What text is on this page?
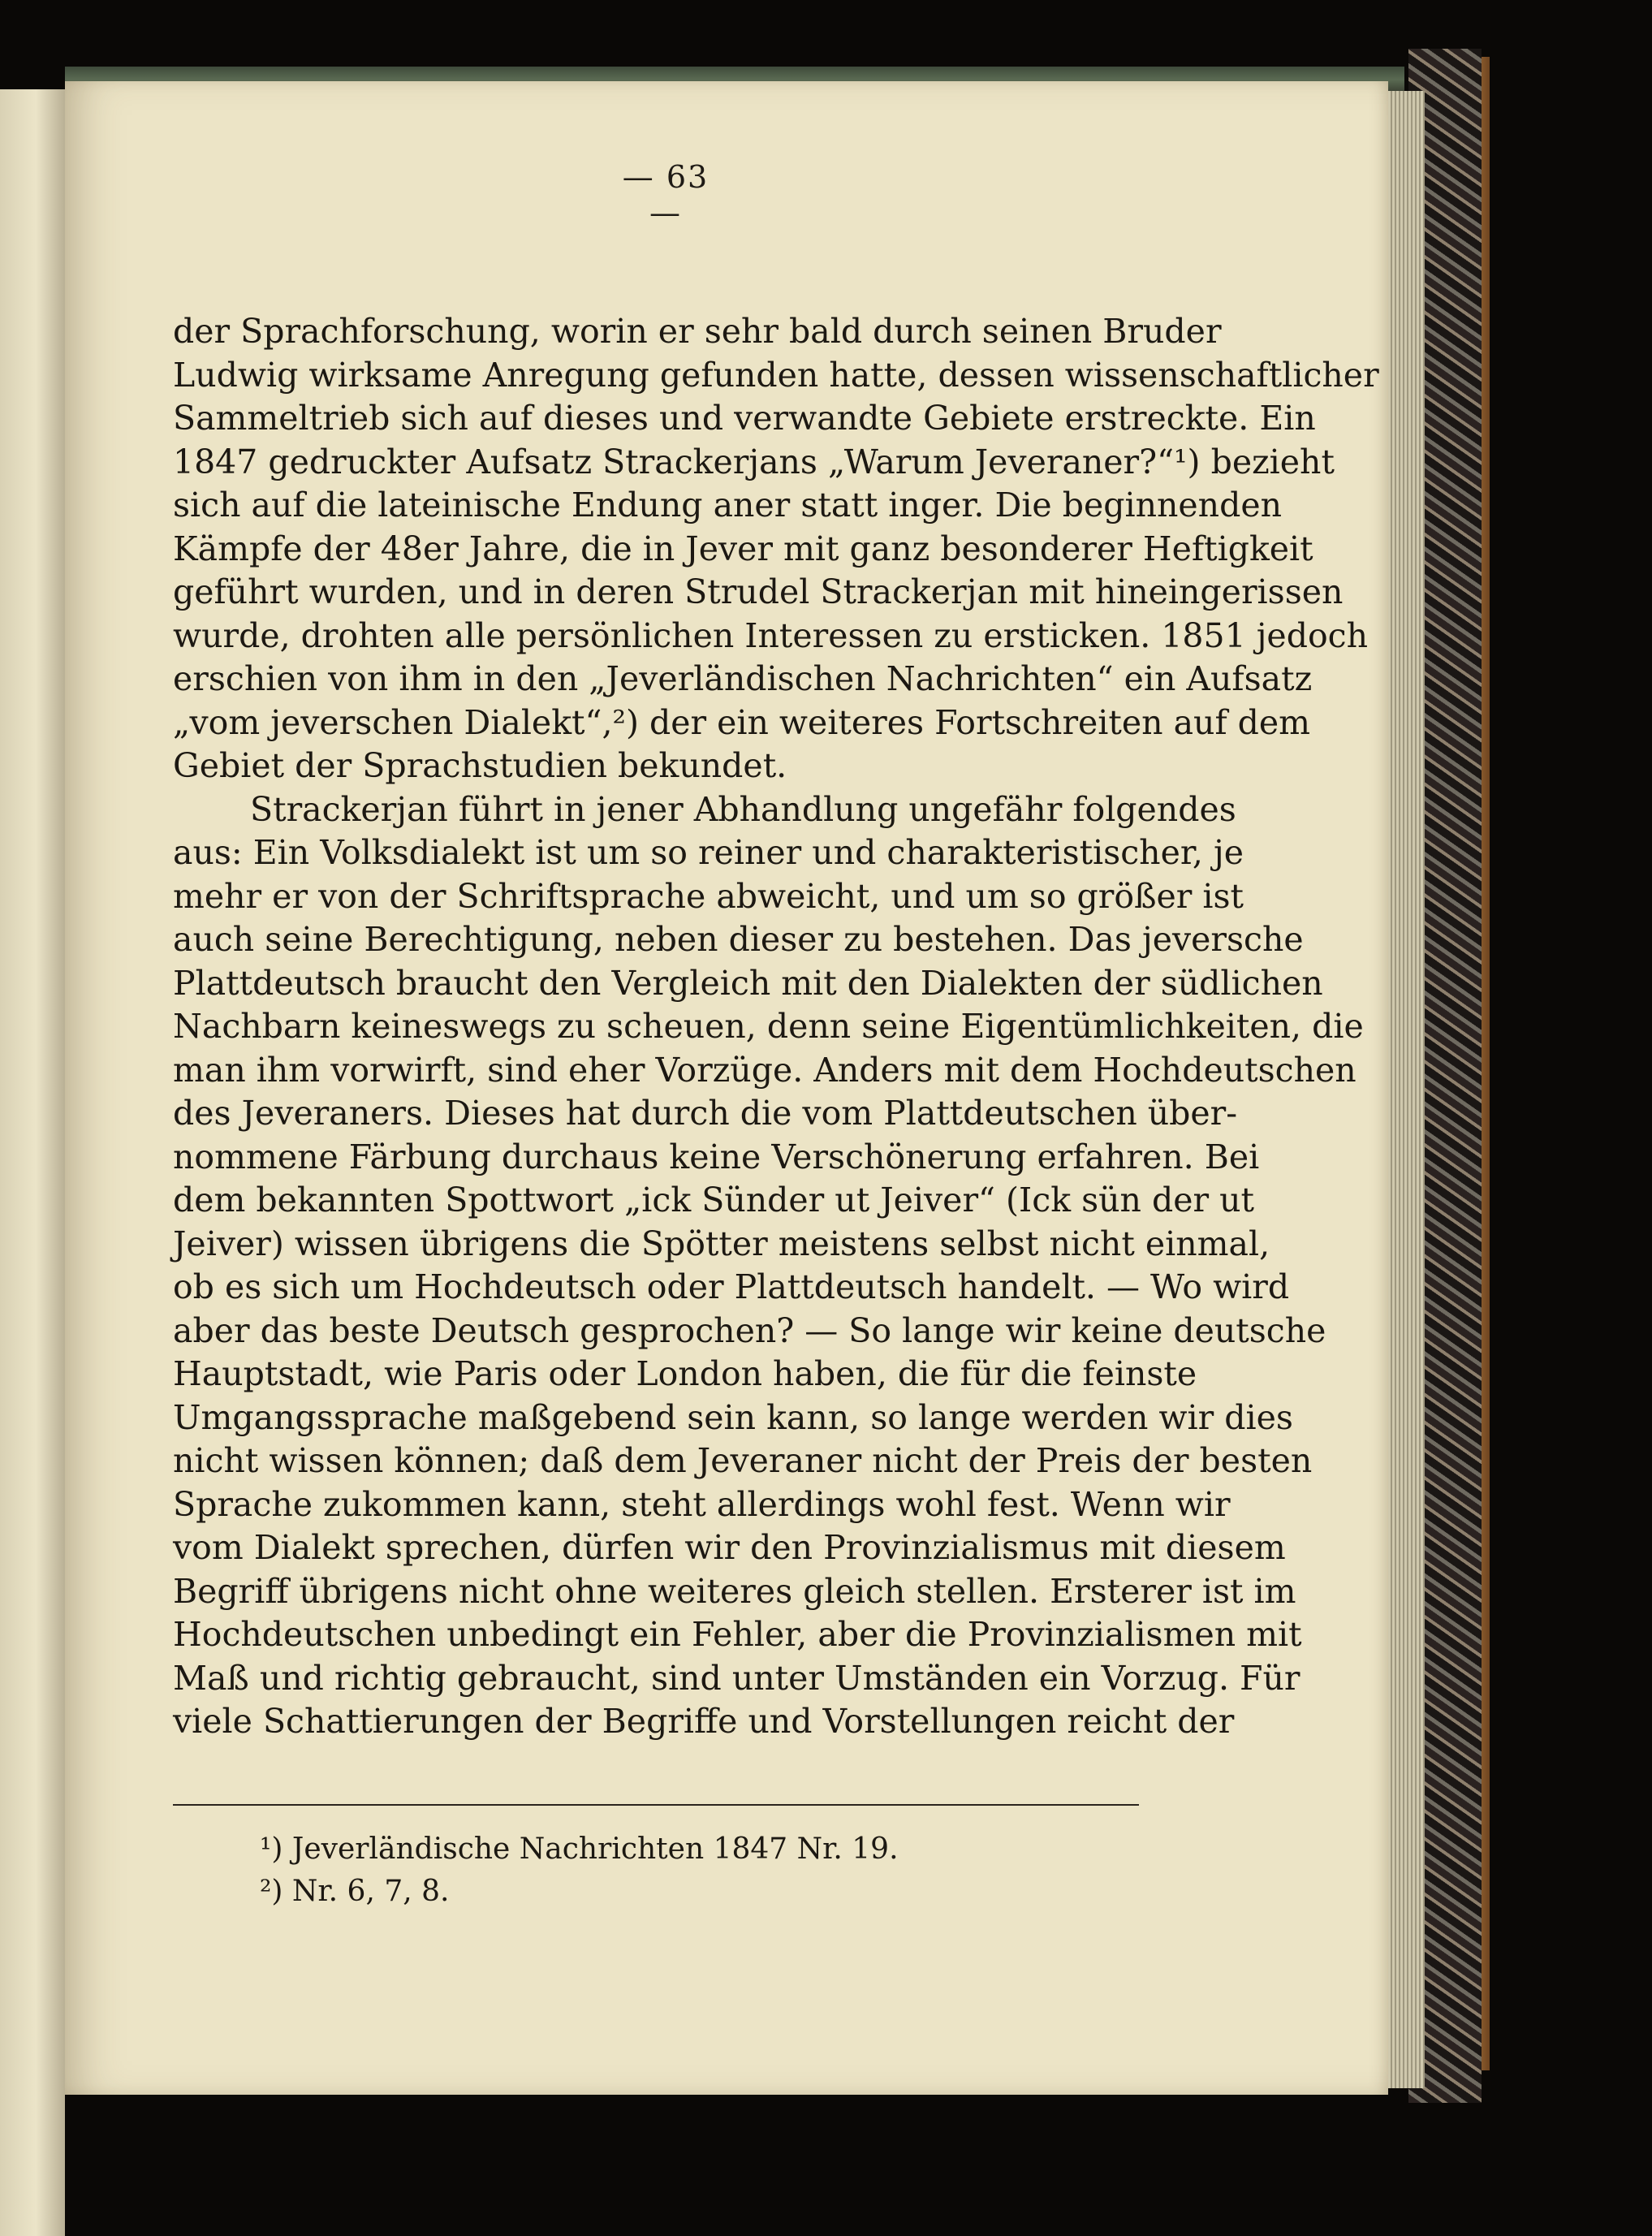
— 63 —
der Sprachforschung, worin er sehr bald durch seinen Bruder
Ludwig wirksame Anregung gefunden hatte, dessen wissenschaftlicher
Sammeltrieb sich auf dieses und verwandte Gebiete erstreckte. Ein
1847 gedruckter Aufsatz Strackerjans „Warum Jeveraner?“¹) bezieht
sich auf die lateinische Endung aner statt inger. Die beginnenden
Kämpfe der 48er Jahre, die in Jever mit ganz besonderer Heftigkeit
geführt wurden, und in deren Strudel Strackerjan mit hineingerissen
wurde, drohten alle persönlichen Interessen zu ersticken. 1851 jedoch
erschien von ihm in den „Jeverländischen Nachrichten“ ein Aufsatz
„vom jeverschen Dialekt“,²) der ein weiteres Fortschreiten auf dem
Gebiet der Sprachstudien bekundet.
Strackerjan führt in jener Abhandlung ungefähr folgendes
aus: Ein Volksdialekt ist um so reiner und charakteristischer, je
mehr er von der Schriftsprache abweicht, und um so größer ist
auch seine Berechtigung, neben dieser zu bestehen. Das jeversche
Plattdeutsch braucht den Vergleich mit den Dialekten der südlichen
Nachbarn keineswegs zu scheuen, denn seine Eigentümlichkeiten, die
man ihm vorwirft, sind eher Vorzüge. Anders mit dem Hochdeutschen
des Jeveraners. Dieses hat durch die vom Plattdeutschen über-
nommene Färbung durchaus keine Verschönerung erfahren. Bei
dem bekannten Spottwort „ick Sünder ut Jeiver“ (Ick sün der ut
Jeiver) wissen übrigens die Spötter meistens selbst nicht einmal,
ob es sich um Hochdeutsch oder Plattdeutsch handelt. — Wo wird
aber das beste Deutsch gesprochen? — So lange wir keine deutsche
Hauptstadt, wie Paris oder London haben, die für die feinste
Umgangssprache maßgebend sein kann, so lange werden wir dies
nicht wissen können; daß dem Jeveraner nicht der Preis der besten
Sprache zukommen kann, steht allerdings wohl fest. Wenn wir
vom Dialekt sprechen, dürfen wir den Provinzialismus mit diesem
Begriff übrigens nicht ohne weiteres gleich stellen. Ersterer ist im
Hochdeutschen unbedingt ein Fehler, aber die Provinzialismen mit
Maß und richtig gebraucht, sind unter Umständen ein Vorzug. Für
viele Schattierungen der Begriffe und Vorstellungen reicht der
¹) Jeverländische Nachrichten 1847 Nr. 19.
²) Nr. 6, 7, 8.
